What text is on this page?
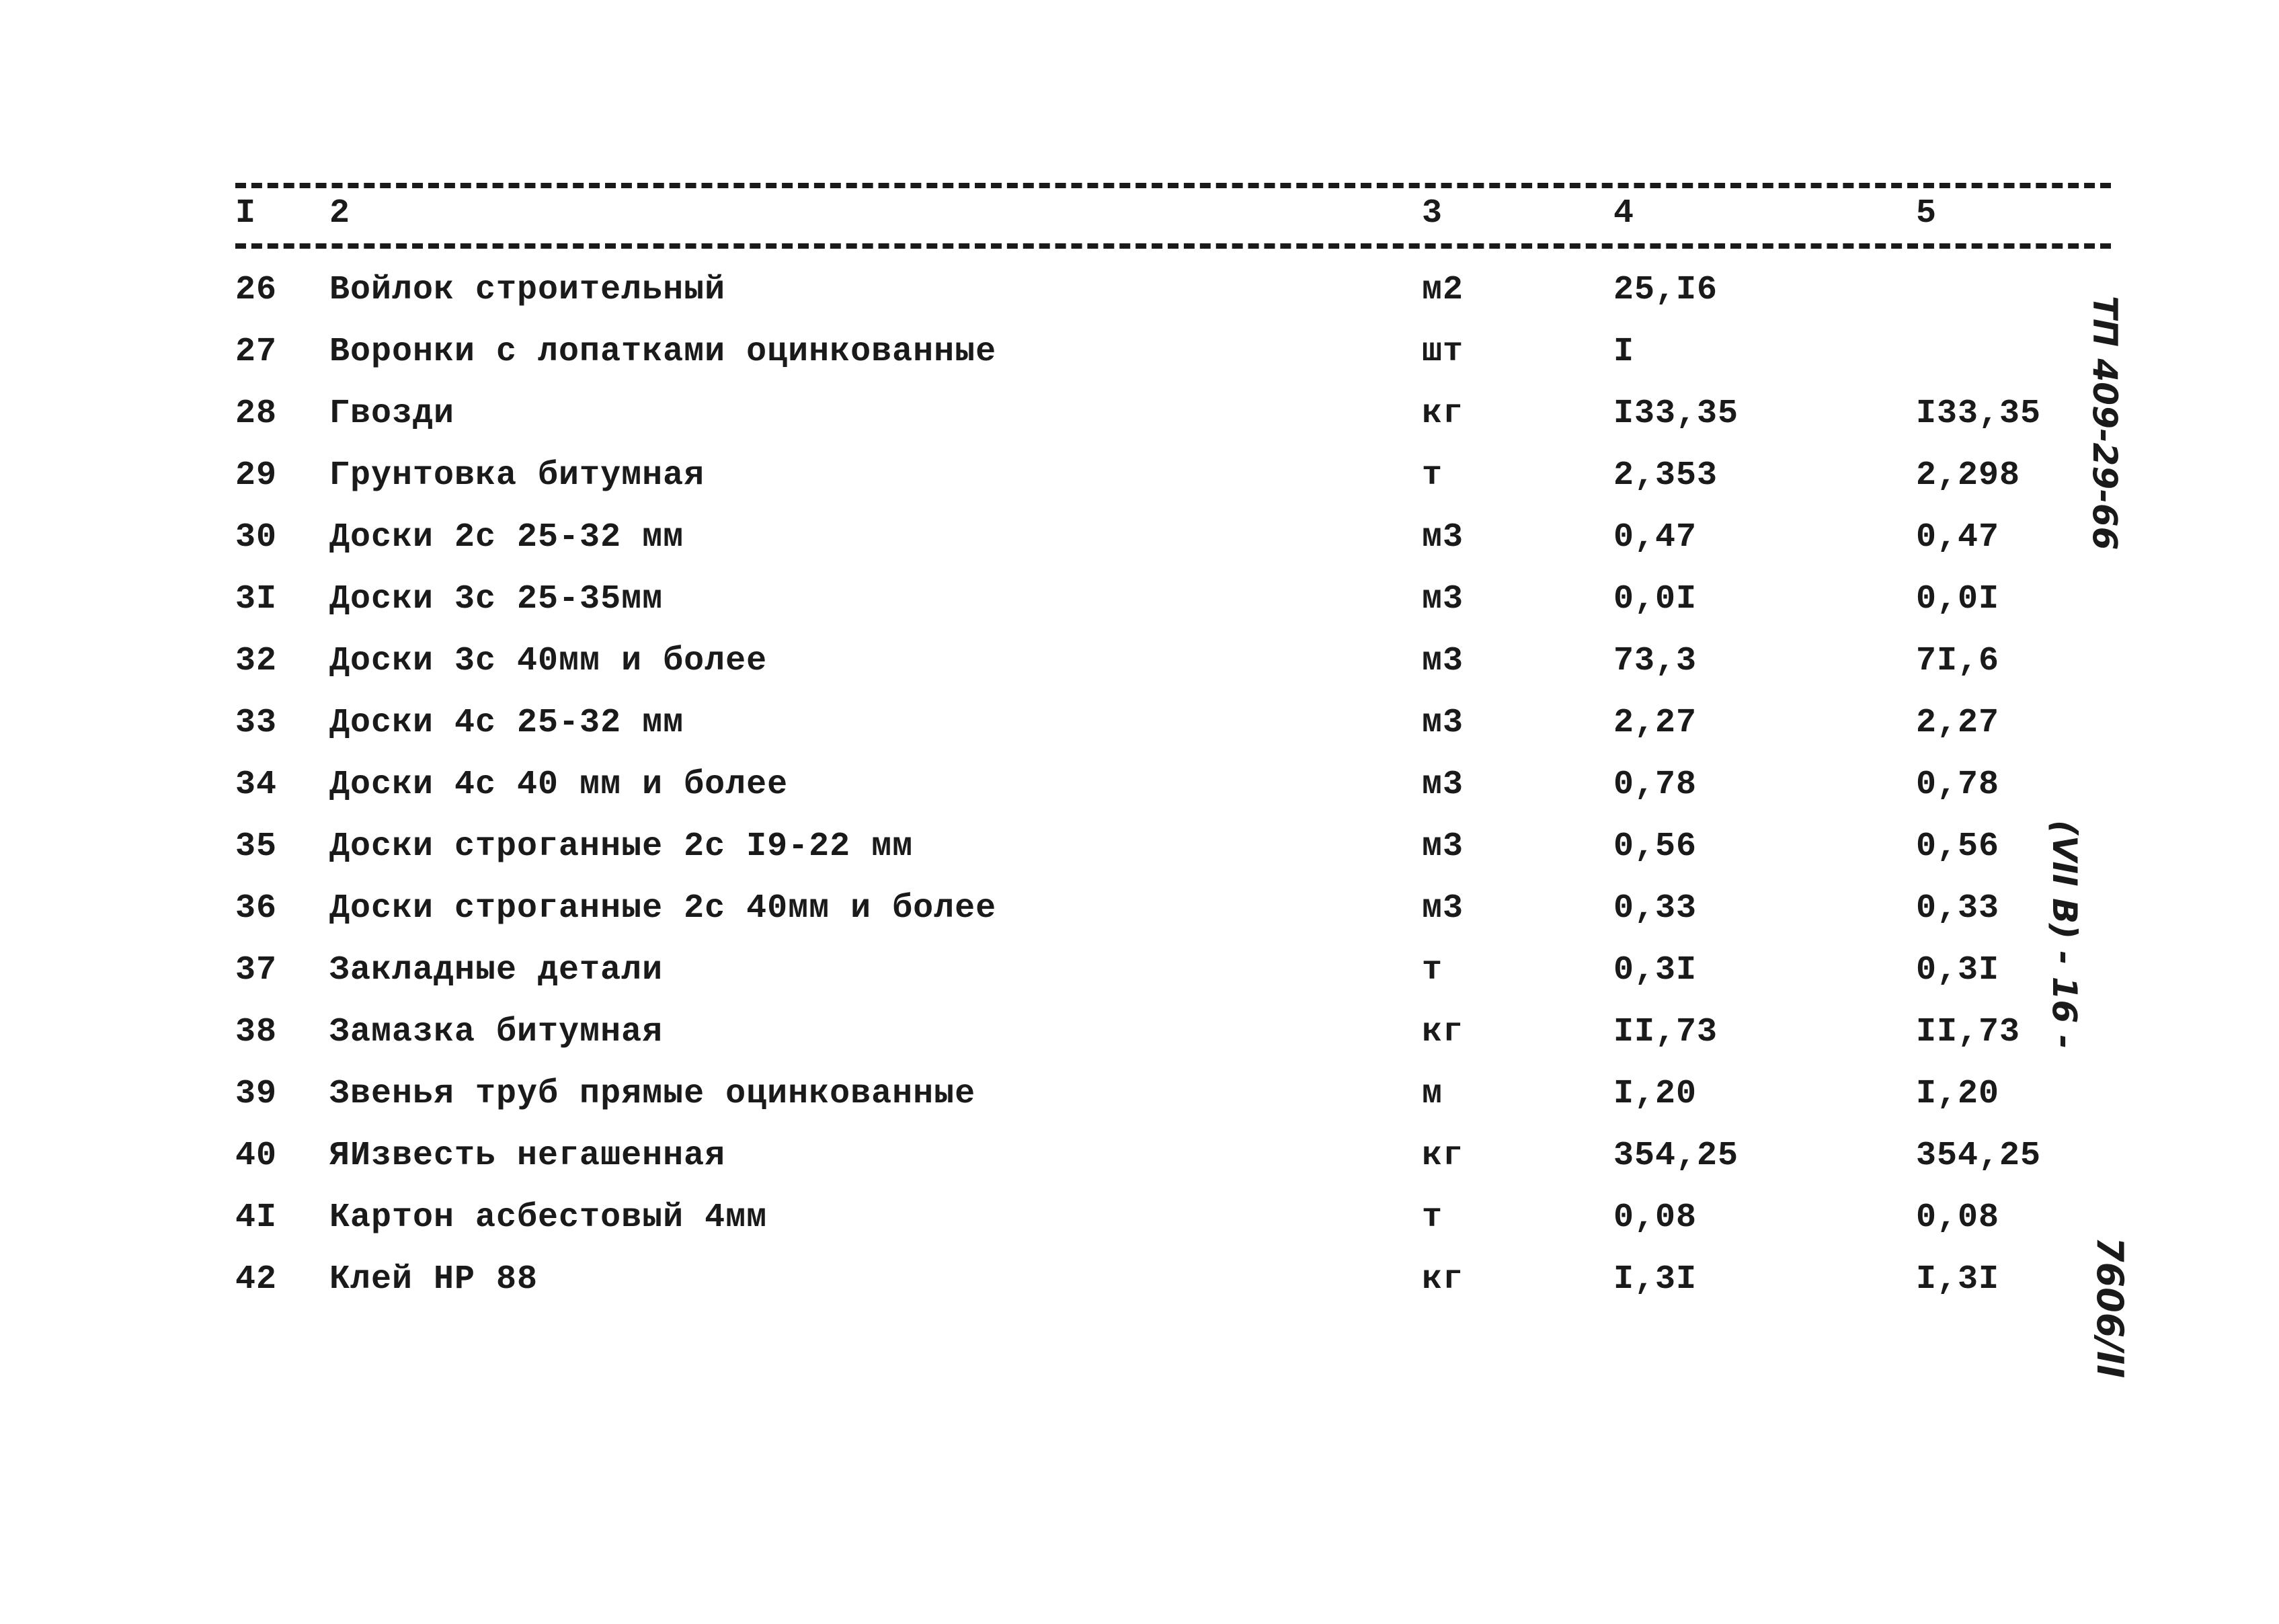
I 2	3	4	5
26 Войлок строительный	м2	25,I6
27 Воронки с лопатками оцинкованные	шт	I
28 Гвозди	кг	I33,35	I33,35
29 Грунтовка битумная	т	2,353	2,298
30 Доски 2с 25-32 мм	м3	0,47	0,47
3I Доски 3с 25-35мм	м3	0,0I	0,0I
32 Доски 3с 40мм и более	м3	73,3	7I,6
33 Доски 4с 25-32 мм	м3	2,27	2,27
34 Доски 4с 40 мм и более	м3	0,78	0,78
35 Доски строганные 2с I9-22 мм	м3	0,56	0,56
36 Доски строганные 2с 40мм и более	м3	0,33	0,33
37 Закладные детали	т	0,3I	0,3I
38 Замазка битумная	кг	II,73	II,73
39 Звенья труб прямые оцинкованные	м	I,20	I,20
40 ЯИзвесть негашенная	кг	354,25	354,25
4I Картон асбестовый 4мм	т	0,08	0,08
42 Клей НР 88	кг	I,3I	I,3I
ТП 409-29-66
(VII В) - 16 -
7606/II
